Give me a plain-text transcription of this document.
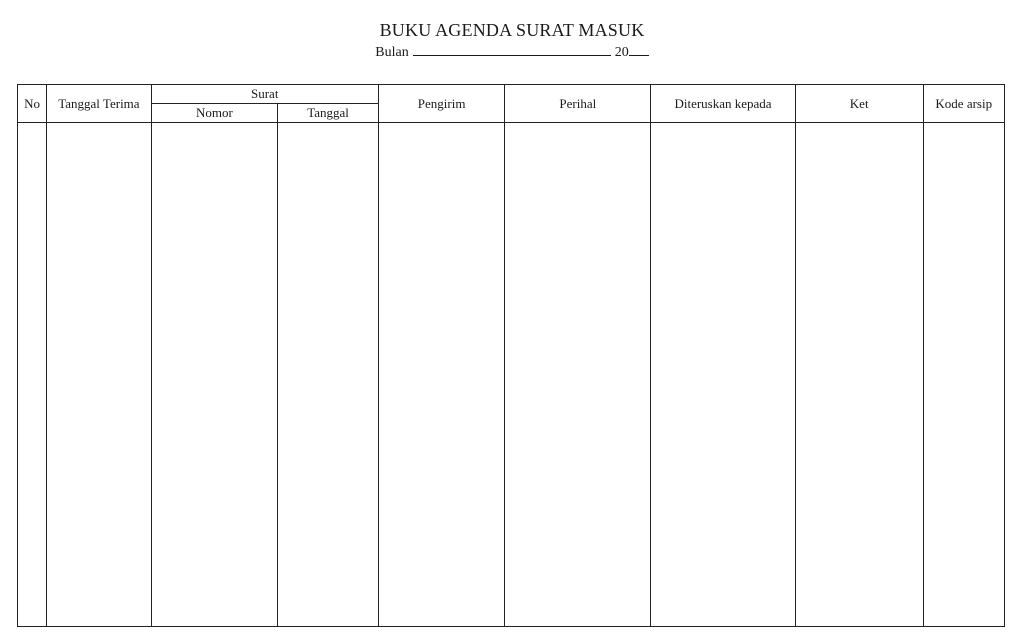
BUKU AGENDA SURAT MASUK
Bulan	20
No	Tanggal Terima	Surat		Pengirim	Perihal	Diteruskan kepada	Ket	Kode arsip
		Nomor	Tanggal					
